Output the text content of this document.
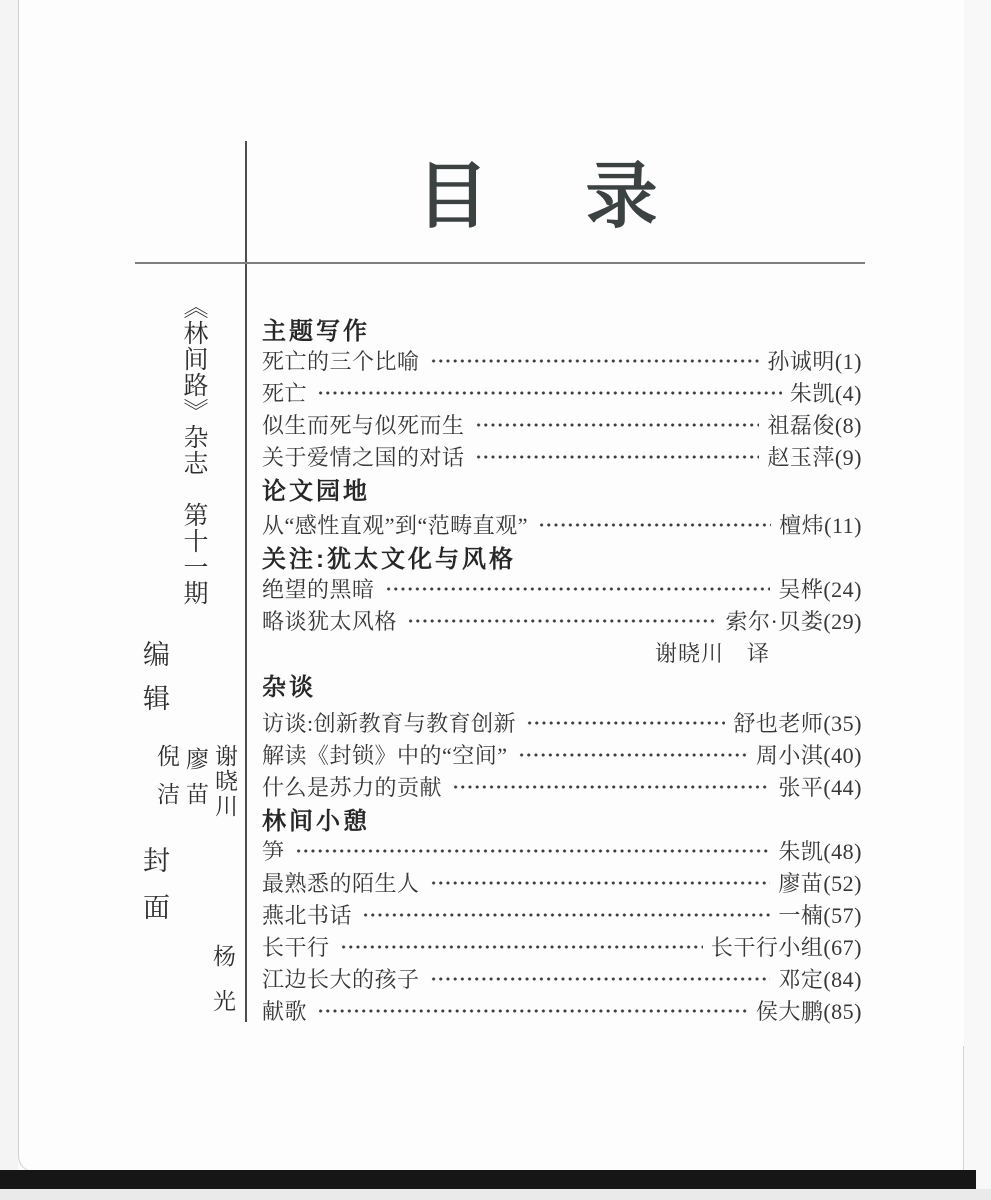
目 录
《林间路》杂志　第十一期
编辑
倪洁 廖苗 谢晓川
封面
杨光
主题写作
死亡的三个比喻	孙诚明(1)
死亡	朱凯(4)
似生而死与似死而生	祖磊俊(8)
关于爱情之国的对话	赵玉萍(9)
论文园地
从“感性直观”到“范畴直观”	檀炜(11)
关注:犹太文化与风格
绝望的黑暗	吴桦(24)
略谈犹太风格	索尔·贝娄(29)
谢晓川　译
杂谈
访谈:创新教育与教育创新	舒也老师(35)
解读《封锁》中的“空间”	周小淇(40)
什么是苏力的贡献	张平(44)
林间小憩
笋	朱凯(48)
最熟悉的陌生人	廖苗(52)
燕北书话	一楠(57)
长干行	长干行小组(67)
江边长大的孩子	邓定(84)
献歌	侯大鹏(85)
